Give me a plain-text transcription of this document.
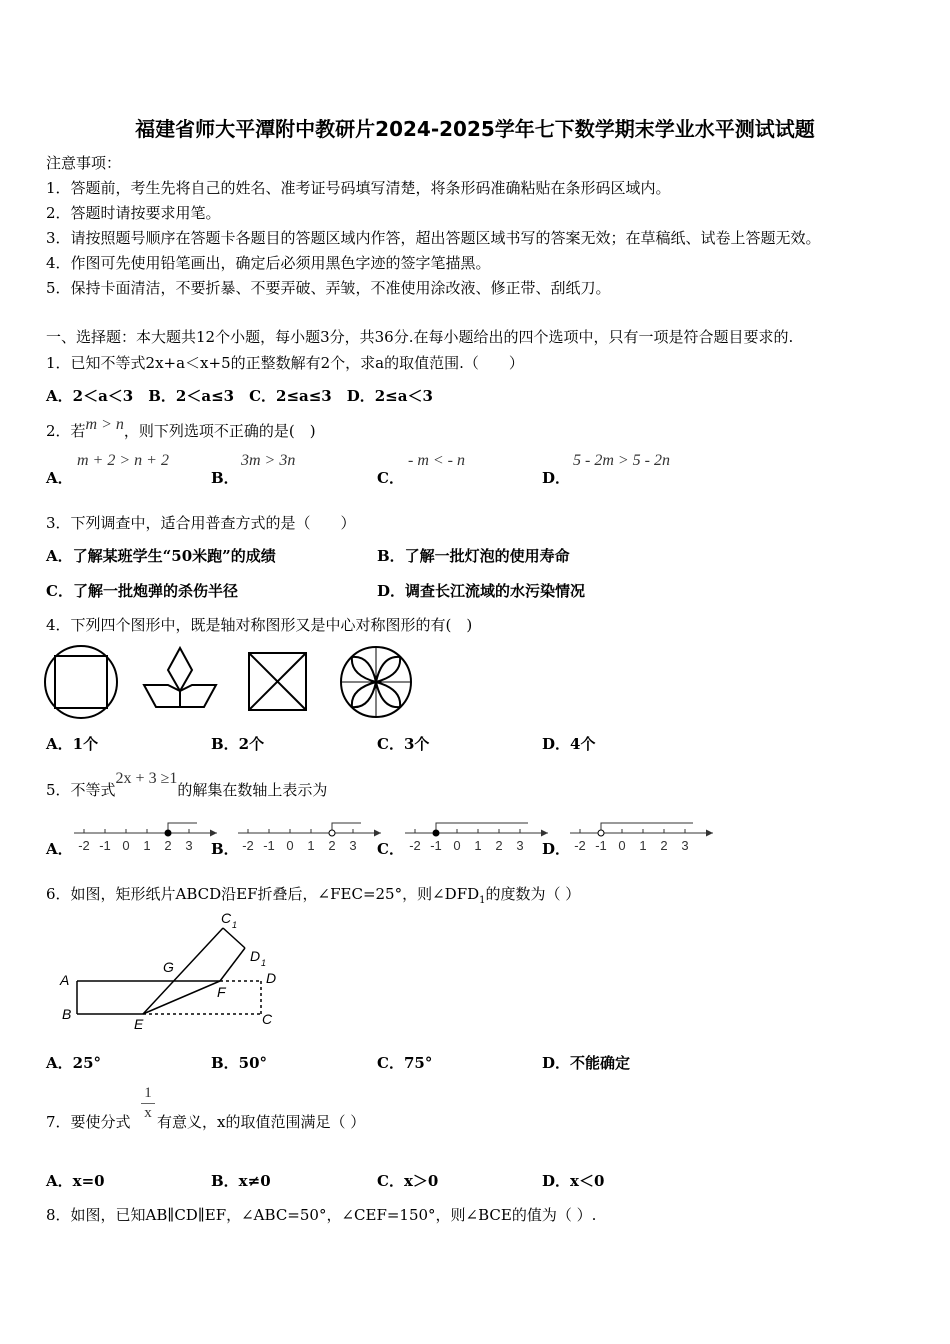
福建省师大平潭附中教研片2024-2025学年七下数学期末学业水平测试试题
注意事项：
1．答题前，考生先将自己的姓名、准考证号码填写清楚，将条形码准确粘贴在条形码区域内。
2．答题时请按要求用笔。
3．请按照题号顺序在答题卡各题目的答题区域内作答，超出答题区域书写的答案无效；在草稿纸、试卷上答题无效。
4．作图可先使用铅笔画出，确定后必须用黑色字迹的签字笔描黑。
5．保持卡面清洁，不要折暴、不要弄破、弄皱，不准使用涂改液、修正带、刮纸刀。
一、选择题：本大题共12个小题，每小题3分，共36分.在每小题给出的四个选项中，只有一项是符合题目要求的.
1．已知不等式2x+a＜x+5的正整数解有2个，求a的取值范围.（　　）
A．2＜a＜3　B．2＜a≤3　C．2≤a≤3　D．2≤a＜3
2．若m > n，则下列选项不正确的是(　)
A．
m + 2 > n + 2
B．
3m > 3n
C．
- m < - n
D．
5 - 2m > 5 - 2n
3．下列调查中，适合用普查方式的是（　　）
A．了解某班学生“50米跑”的成绩	B．了解一批灯泡的使用寿命
C．了解一批炮弹的杀伤半径	D．调查长江流域的水污染情况
4．下列四个图形中，既是轴对称图形又是中心对称图形的有(　)
A．1个	B．2个	C．3个	D．4个
5．不等式2x + 3 ≥1的解集在数轴上表示为
A．	B．	C．	D．
-2 -1 0 1 2 3	-2 -1 0 1 2 3	-2 -1 0 1 2 3	-2 -1 0 1 2 3
6．如图，矩形纸片ABCD沿EF折叠后，∠FEC=25°，则$\angle DFD_1$的度数为（ ）
A
B	C
D
E
F
G
C 1
D 1
A．25°	B．50°	C．75°	D．不能确定
7．要使分式 $\frac{1}{x}$ 有意义，x的取值范围满足（ ）
A．x=0	B．x≠0	C．x＞0	D．x＜0
8．如图，已知AB∥CD∥EF，∠ABC=50°，∠CEF=150°，则∠BCE的值为（ ）.
